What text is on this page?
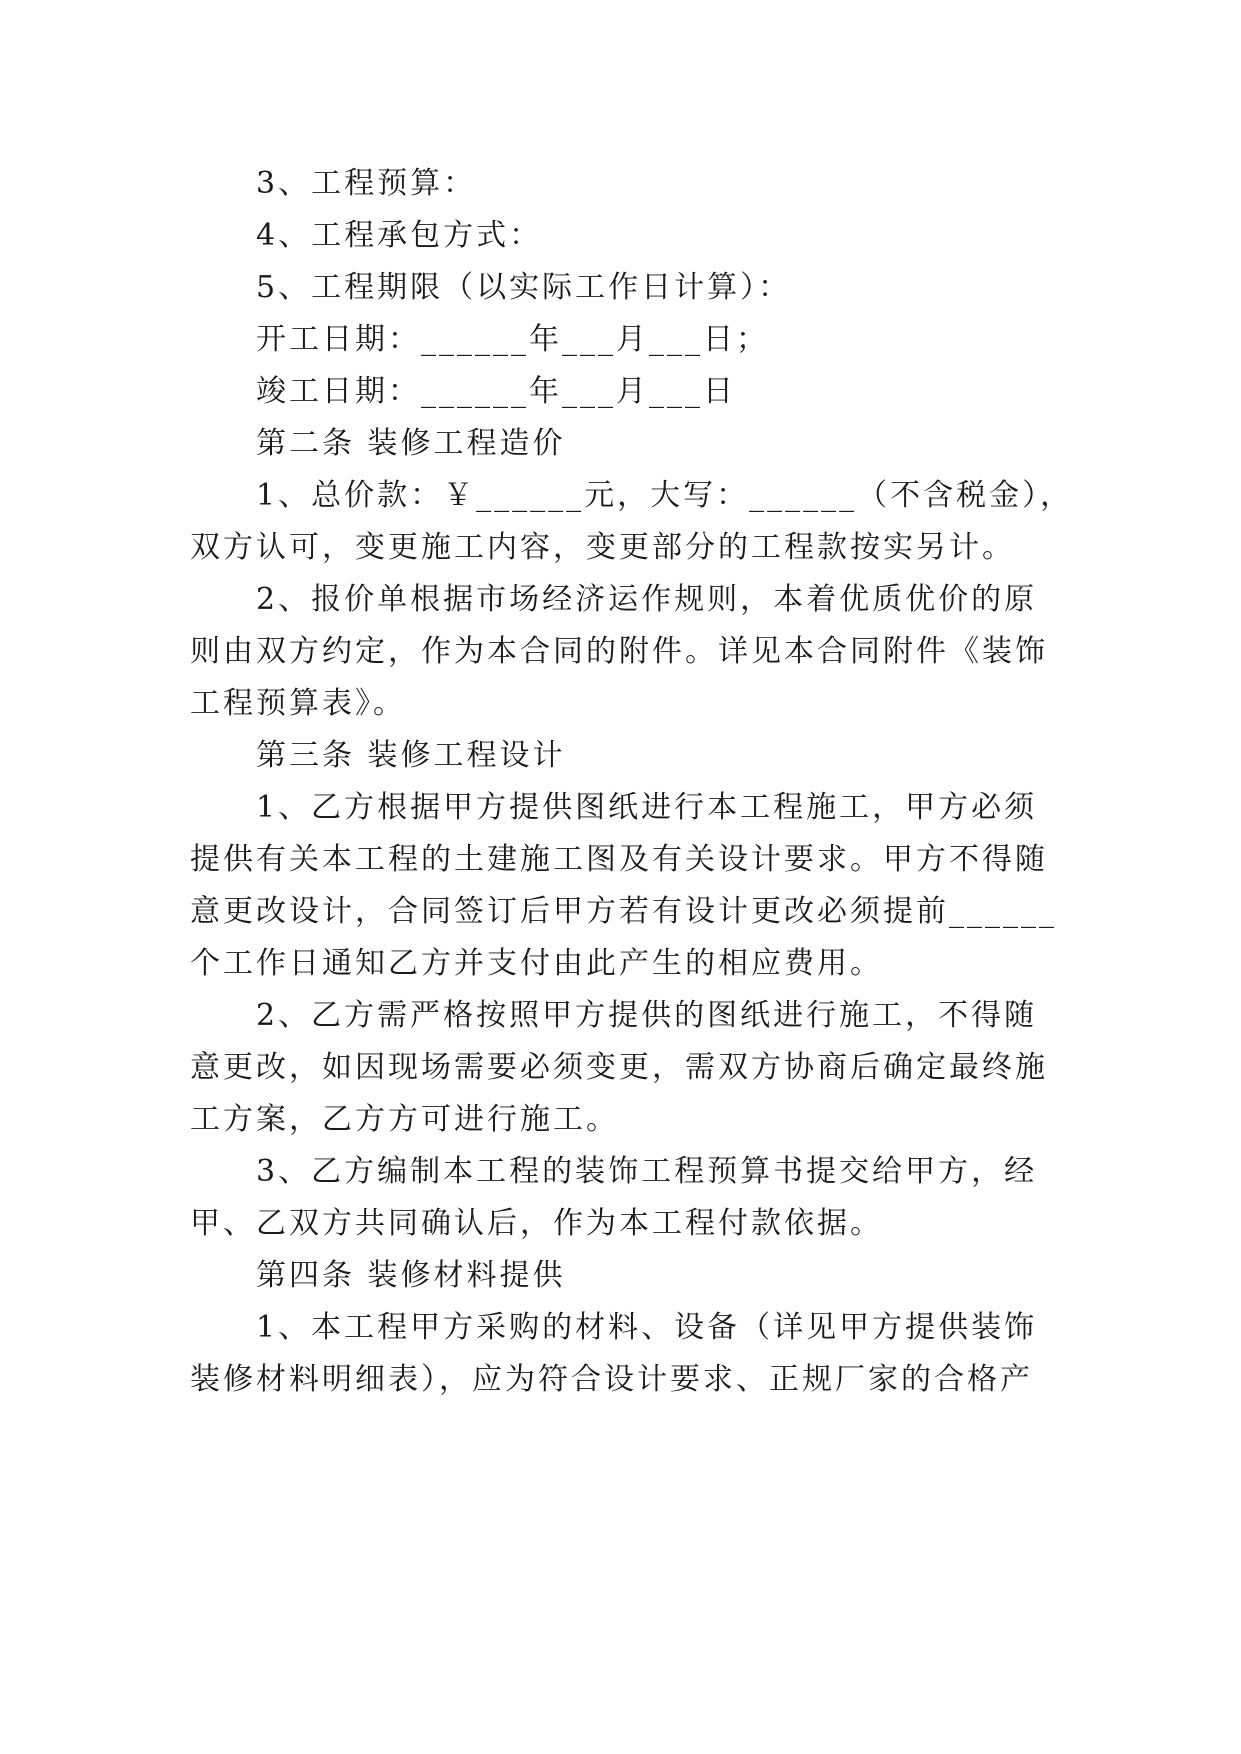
3、工程预算：
4、工程承包方式：
5、工程期限（以实际工作日计算）：
开工日期：______年___月___日；
竣工日期：______年___月___日
第二条 装修工程造价
1、总价款：￥______元，大写：______（不含税金），
双方认可，变更施工内容，变更部分的工程款按实另计。
2、报价单根据市场经济运作规则，本着优质优价的原
则由双方约定，作为本合同的附件。详见本合同附件《装饰
工程预算表》。
第三条 装修工程设计
1、乙方根据甲方提供图纸进行本工程施工，甲方必须
提供有关本工程的土建施工图及有关设计要求。甲方不得随
意更改设计，合同签订后甲方若有设计更改必须提前______
个工作日通知乙方并支付由此产生的相应费用。
2、乙方需严格按照甲方提供的图纸进行施工，不得随
意更改，如因现场需要必须变更，需双方协商后确定最终施
工方案，乙方方可进行施工。
3、乙方编制本工程的装饰工程预算书提交给甲方，经
甲、乙双方共同确认后，作为本工程付款依据。
第四条 装修材料提供
1、本工程甲方采购的材料、设备（详见甲方提供装饰
装修材料明细表），应为符合设计要求、正规厂家的合格产
